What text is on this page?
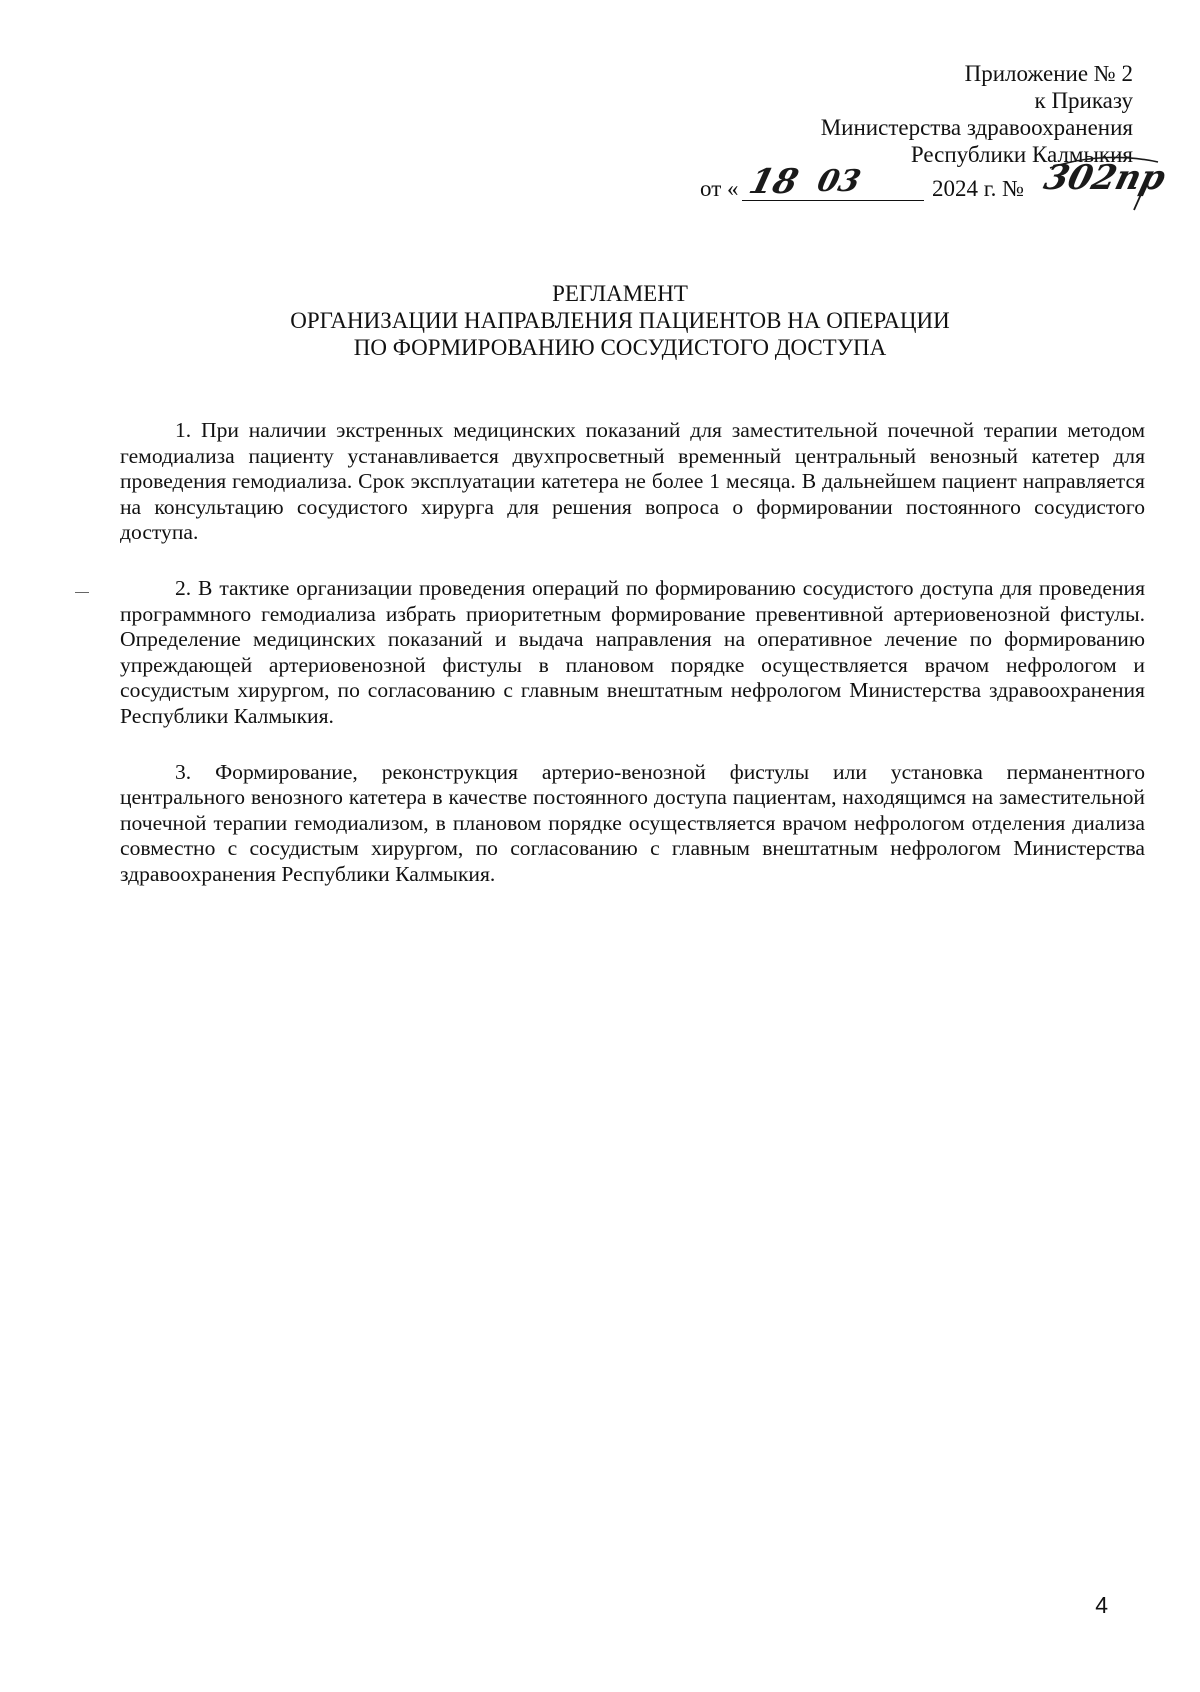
Приложение № 2
к Приказу
Министерства здравоохранения
Республики Калмыкия
от « 18 03	2024 г. № 302пр
РЕГЛАМЕНТ
ОРГАНИЗАЦИИ НАПРАВЛЕНИЯ ПАЦИЕНТОВ НА ОПЕРАЦИИ
ПО ФОРМИРОВАНИЮ СОСУДИСТОГО ДОСТУПА

1. При наличии экстренных медицинских показаний для заместительной почечной терапии методом гемодиализа пациенту устанавливается двухпросветный временный центральный венозный катетер для проведения гемодиализа. Срок эксплуатации катетера не более 1 месяца. В дальнейшем пациент направляется на консультацию сосудистого хирурга для решения вопроса о формировании постоянного сосудистого доступа.

2. В тактике организации проведения операций по формированию сосудистого доступа для проведения программного гемодиализа избрать приоритетным формирование превентивной артериовенозной фистулы. Определение медицинских показаний и выдача направления на оперативное лечение по формированию упреждающей артериовенозной фистулы в плановом порядке осуществляется врачом нефрологом и сосудистым хирургом, по согласованию с главным внештатным нефрологом Министерства здравоохранения Республики Калмыкия.

3. Формирование, реконструкция артерио-венозной фистулы или установка перманентного центрального венозного катетера в качестве постоянного доступа пациентам, находящимся на заместительной почечной терапии гемодиализом, в плановом порядке осуществляется врачом нефрологом отделения диализа совместно с сосудистым хирургом, по согласованию с главным внештатным нефрологом Министерства здравоохранения Республики Калмыкия.

4
